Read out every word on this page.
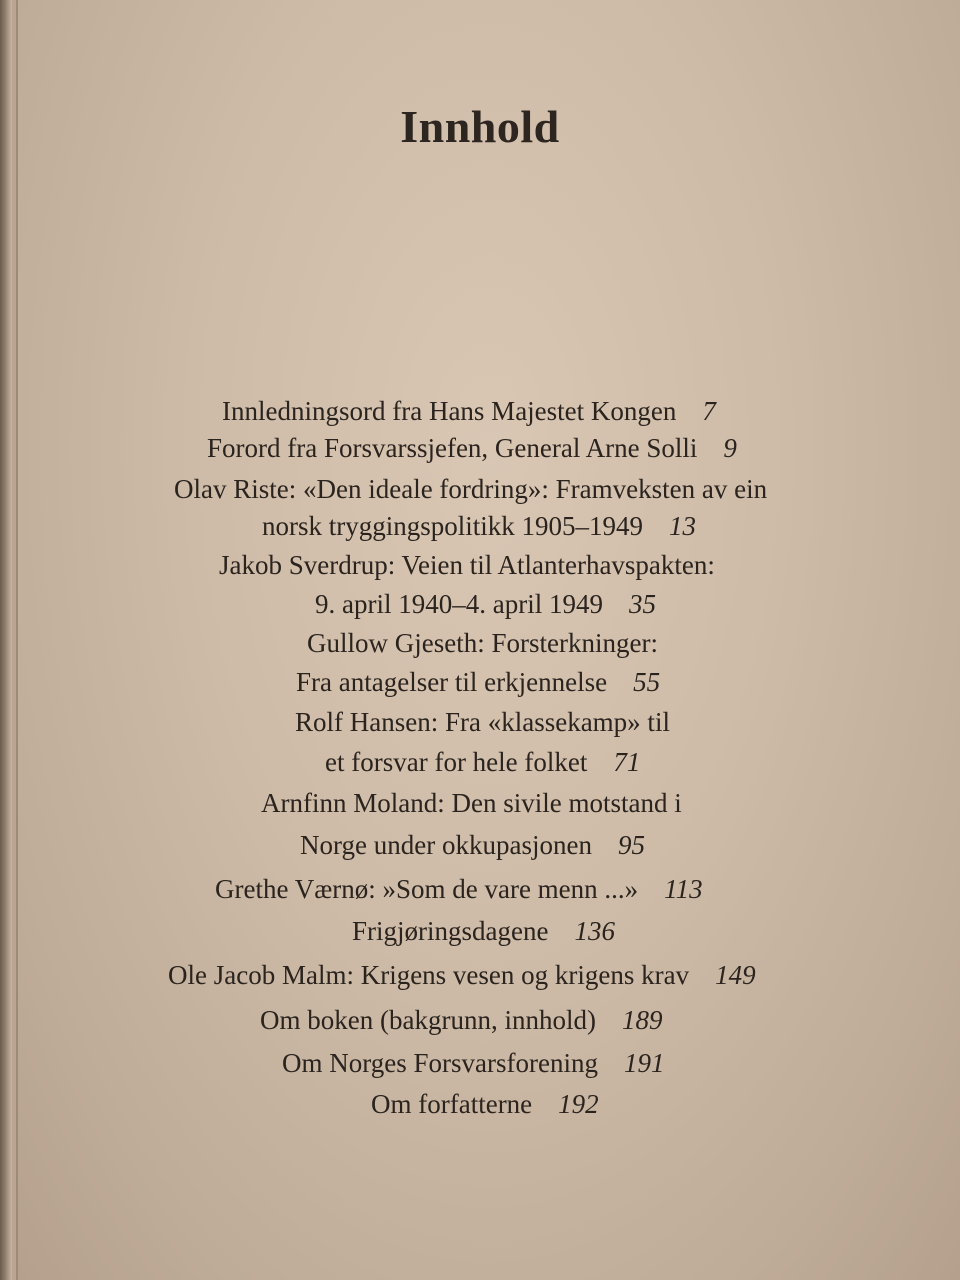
Innhold
Innledningsord fra Hans Majestet Kongen 7
Forord fra Forsvarssjefen, General Arne Solli 9
Olav Riste: «Den ideale fordring»: Framveksten av ein
norsk tryggingspolitikk 1905–1949 13
Jakob Sverdrup: Veien til Atlanterhavspakten:
9. april 1940–4. april 1949 35
Gullow Gjeseth: Forsterkninger:
Fra antagelser til erkjennelse 55
Rolf Hansen: Fra «klassekamp» til
et forsvar for hele folket 71
Arnfinn Moland: Den sivile motstand i
Norge under okkupasjonen 95
Grethe Værnø: »Som de vare menn ...» 113
Frigjøringsdagene 136
Ole Jacob Malm: Krigens vesen og krigens krav 149
Om boken (bakgrunn, innhold) 189
Om Norges Forsvarsforening 191
Om forfatterne 192
